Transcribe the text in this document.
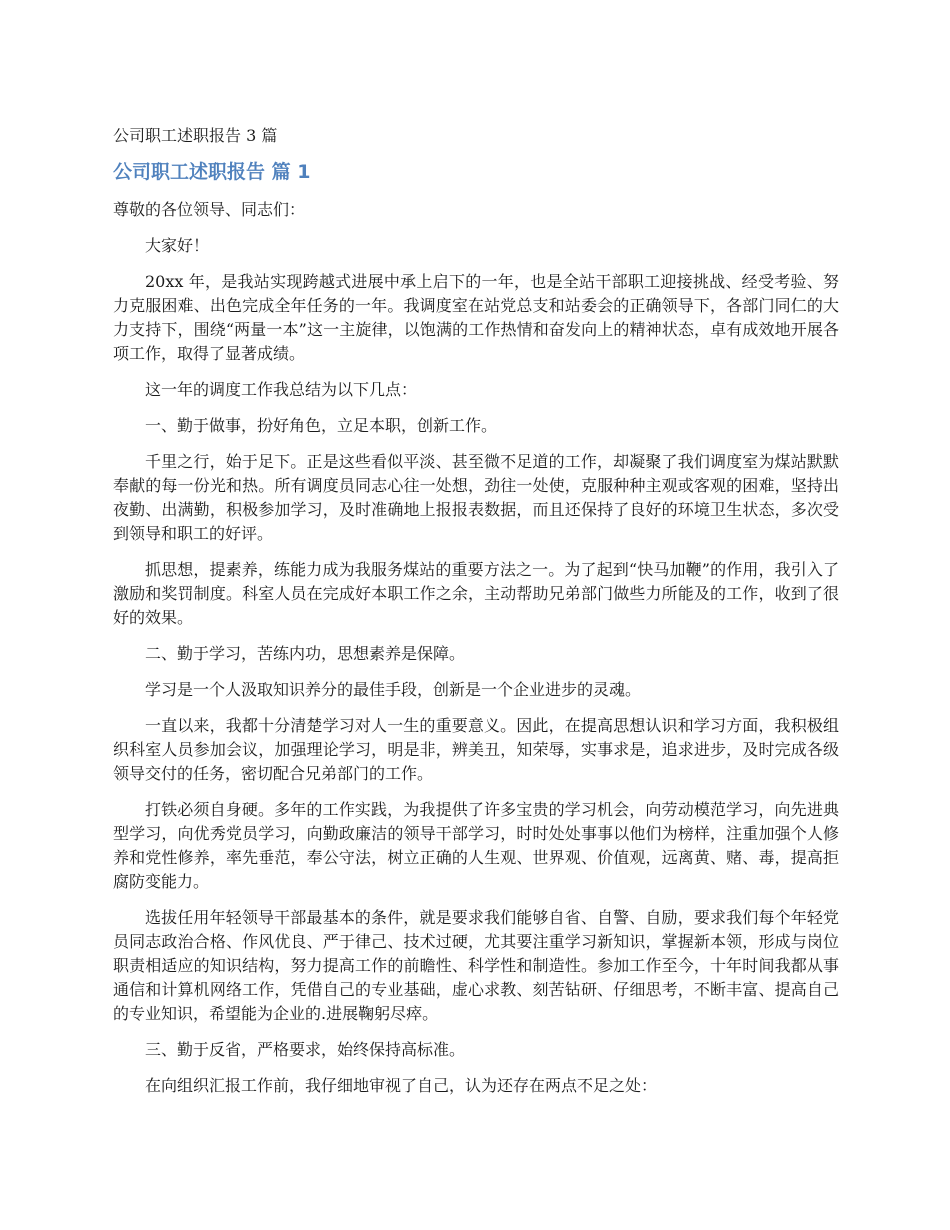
公司职工述职报告 3 篇
公司职工述职报告 篇 1
尊敬的各位领导、同志们：
大家好！
20xx 年，是我站实现跨越式进展中承上启下的一年，也是全站干部职工迎接挑战、经受考验、努力克服困难、出色完成全年任务的一年。我调度室在站党总支和站委会的正确领导下，各部门同仁的大力支持下，围绕“两量一本”这一主旋律，以饱满的工作热情和奋发向上的精神状态，卓有成效地开展各项工作，取得了显著成绩。
这一年的调度工作我总结为以下几点：
一、勤于做事，扮好角色，立足本职，创新工作。
千里之行，始于足下。正是这些看似平淡、甚至微不足道的工作，却凝聚了我们调度室为煤站默默奉献的每一份光和热。所有调度员同志心往一处想，劲往一处使，克服种种主观或客观的困难，坚持出夜勤、出满勤，积极参加学习，及时准确地上报报表数据，而且还保持了良好的环境卫生状态，多次受到领导和职工的好评。
抓思想，提素养，练能力成为我服务煤站的重要方法之一。为了起到“快马加鞭”的作用，我引入了激励和奖罚制度。科室人员在完成好本职工作之余，主动帮助兄弟部门做些力所能及的工作，收到了很好的效果。
二、勤于学习，苦练内功，思想素养是保障。
学习是一个人汲取知识养分的最佳手段，创新是一个企业进步的灵魂。
一直以来，我都十分清楚学习对人一生的重要意义。因此，在提高思想认识和学习方面，我积极组织科室人员参加会议，加强理论学习，明是非，辨美丑，知荣辱，实事求是，追求进步，及时完成各级领导交付的任务，密切配合兄弟部门的工作。
打铁必须自身硬。多年的工作实践，为我提供了许多宝贵的学习机会，向劳动模范学习，向先进典型学习，向优秀党员学习，向勤政廉洁的领导干部学习，时时处处事事以他们为榜样，注重加强个人修养和党性修养，率先垂范，奉公守法，树立正确的人生观、世界观、价值观，远离黄、赌、毒，提高拒腐防变能力。
选拔任用年轻领导干部最基本的条件，就是要求我们能够自省、自警、自励，要求我们每个年轻党员同志政治合格、作风优良、严于律己、技术过硬，尤其要注重学习新知识，掌握新本领，形成与岗位职责相适应的知识结构，努力提高工作的前瞻性、科学性和制造性。参加工作至今，十年时间我都从事通信和计算机网络工作，凭借自己的专业基础，虚心求教、刻苦钻研、仔细思考，不断丰富、提高自己的专业知识，希望能为企业的.进展鞠躬尽瘁。
三、勤于反省，严格要求，始终保持高标准。
在向组织汇报工作前，我仔细地审视了自己，认为还存在两点不足之处：
